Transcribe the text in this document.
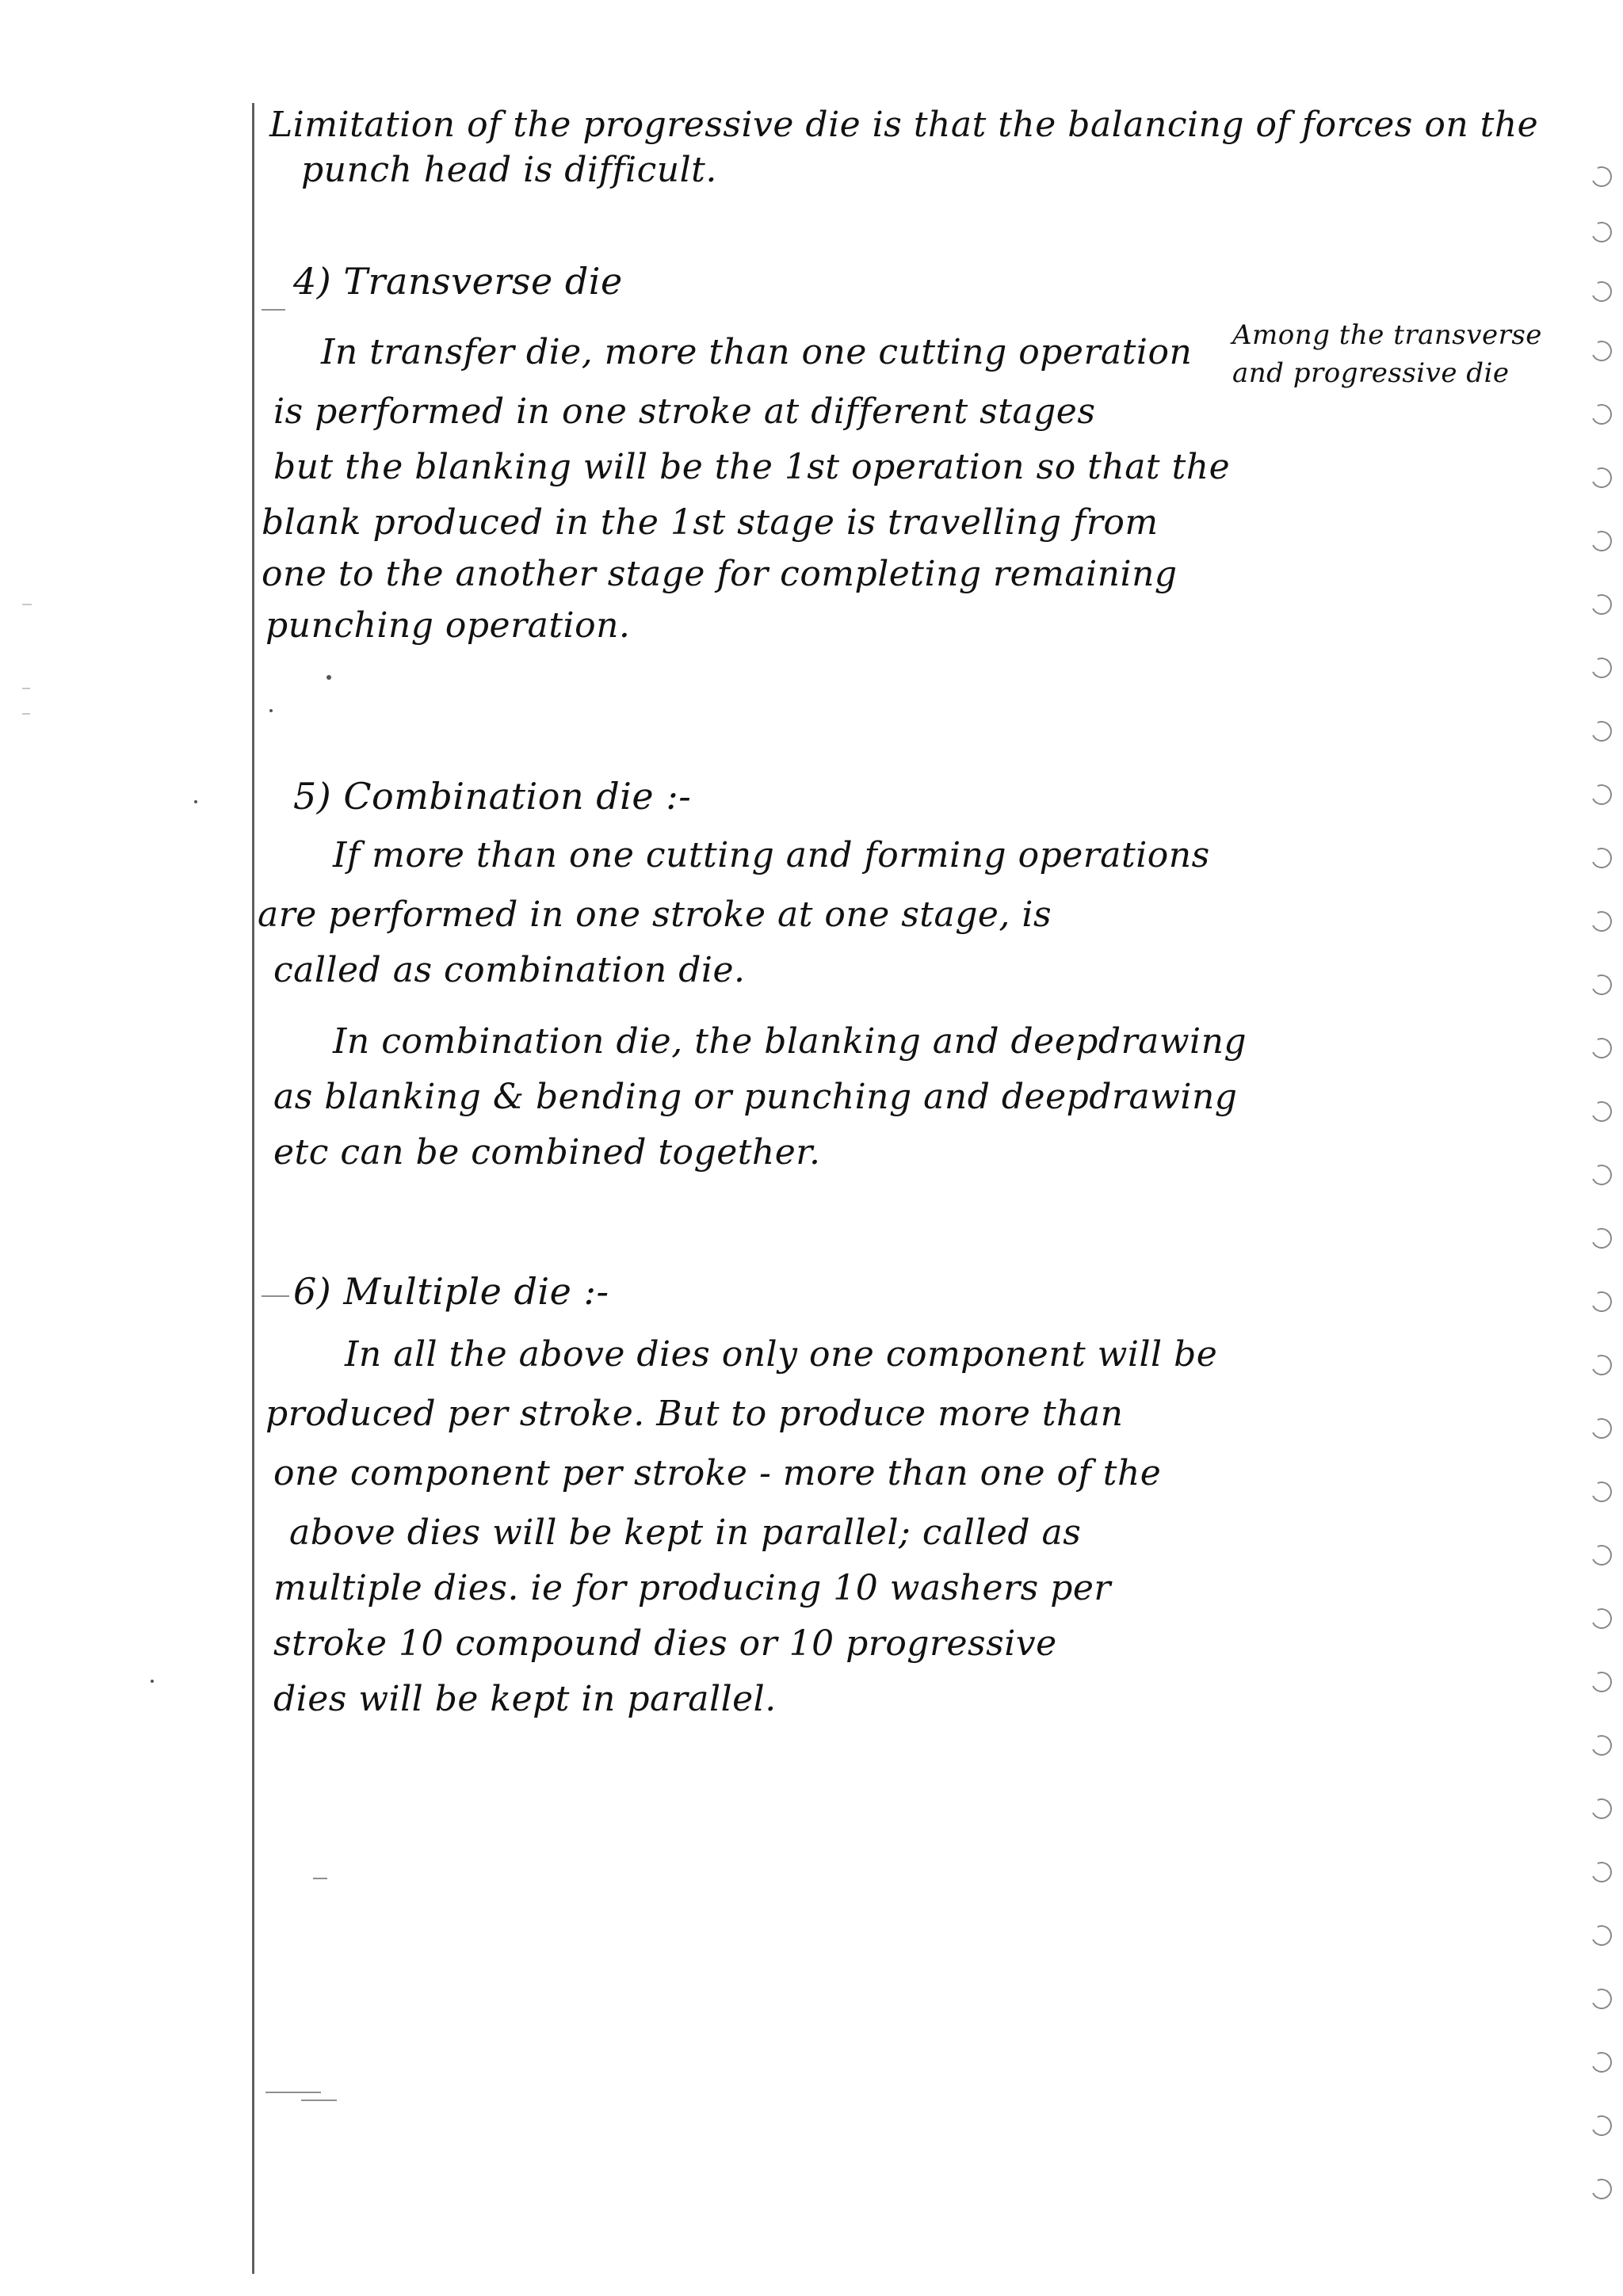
Limitation of the progressive die is that the balancing of forces on the
punch head is difficult.
4) Transverse die
In transfer die, more than one cutting operation
is performed in one stroke at different stages
but the blanking will be the 1st operation so that the
blank produced in the 1st stage is travelling from
one to the another stage for completing remaining
punching operation.
Among the transverse
and progressive die
5) Combination die :-
If more than one cutting and forming operations
are performed in one stroke at one stage, is
called as combination die.
In combination die, the blanking and deepdrawing
as blanking & bending or punching and deepdrawing
etc can be combined together.
6) Multiple die :-
In all the above dies only one component will be
produced per stroke. But to produce more than
one component per stroke - more than one of the
above dies will be kept in parallel; called as
multiple dies. ie for producing 10 washers per
stroke 10 compound dies or 10 progressive
dies will be kept in parallel.
